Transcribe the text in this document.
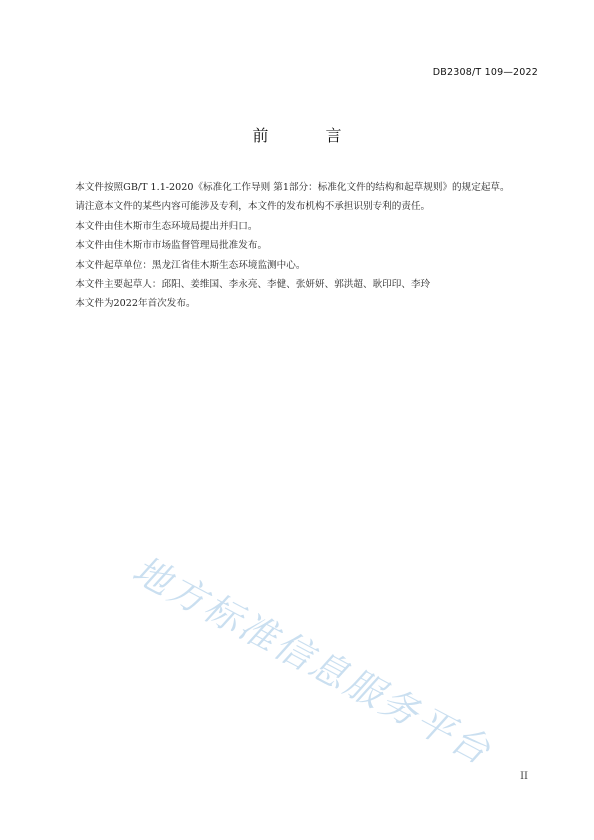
DB2308/T 109—2022
前 言

本文件按照GB/T 1.1-2020《标准化工作导则 第1部分：标准化文件的结构和起草规则》的规定起草。

请注意本文件的某些内容可能涉及专利，本文件的发布机构不承担识别专利的责任。

本文件由佳木斯市生态环境局提出并归口。

本文件由佳木斯市市场监督管理局批准发布。

本文件起草单位：黑龙江省佳木斯生态环境监测中心。

本文件主要起草人：邱阳、姜维国、李永亮、李健、张妍妍、郭洪超、耿印印、李玲

本文件为2022年首次发布。

地方标准信息服务平台
II
